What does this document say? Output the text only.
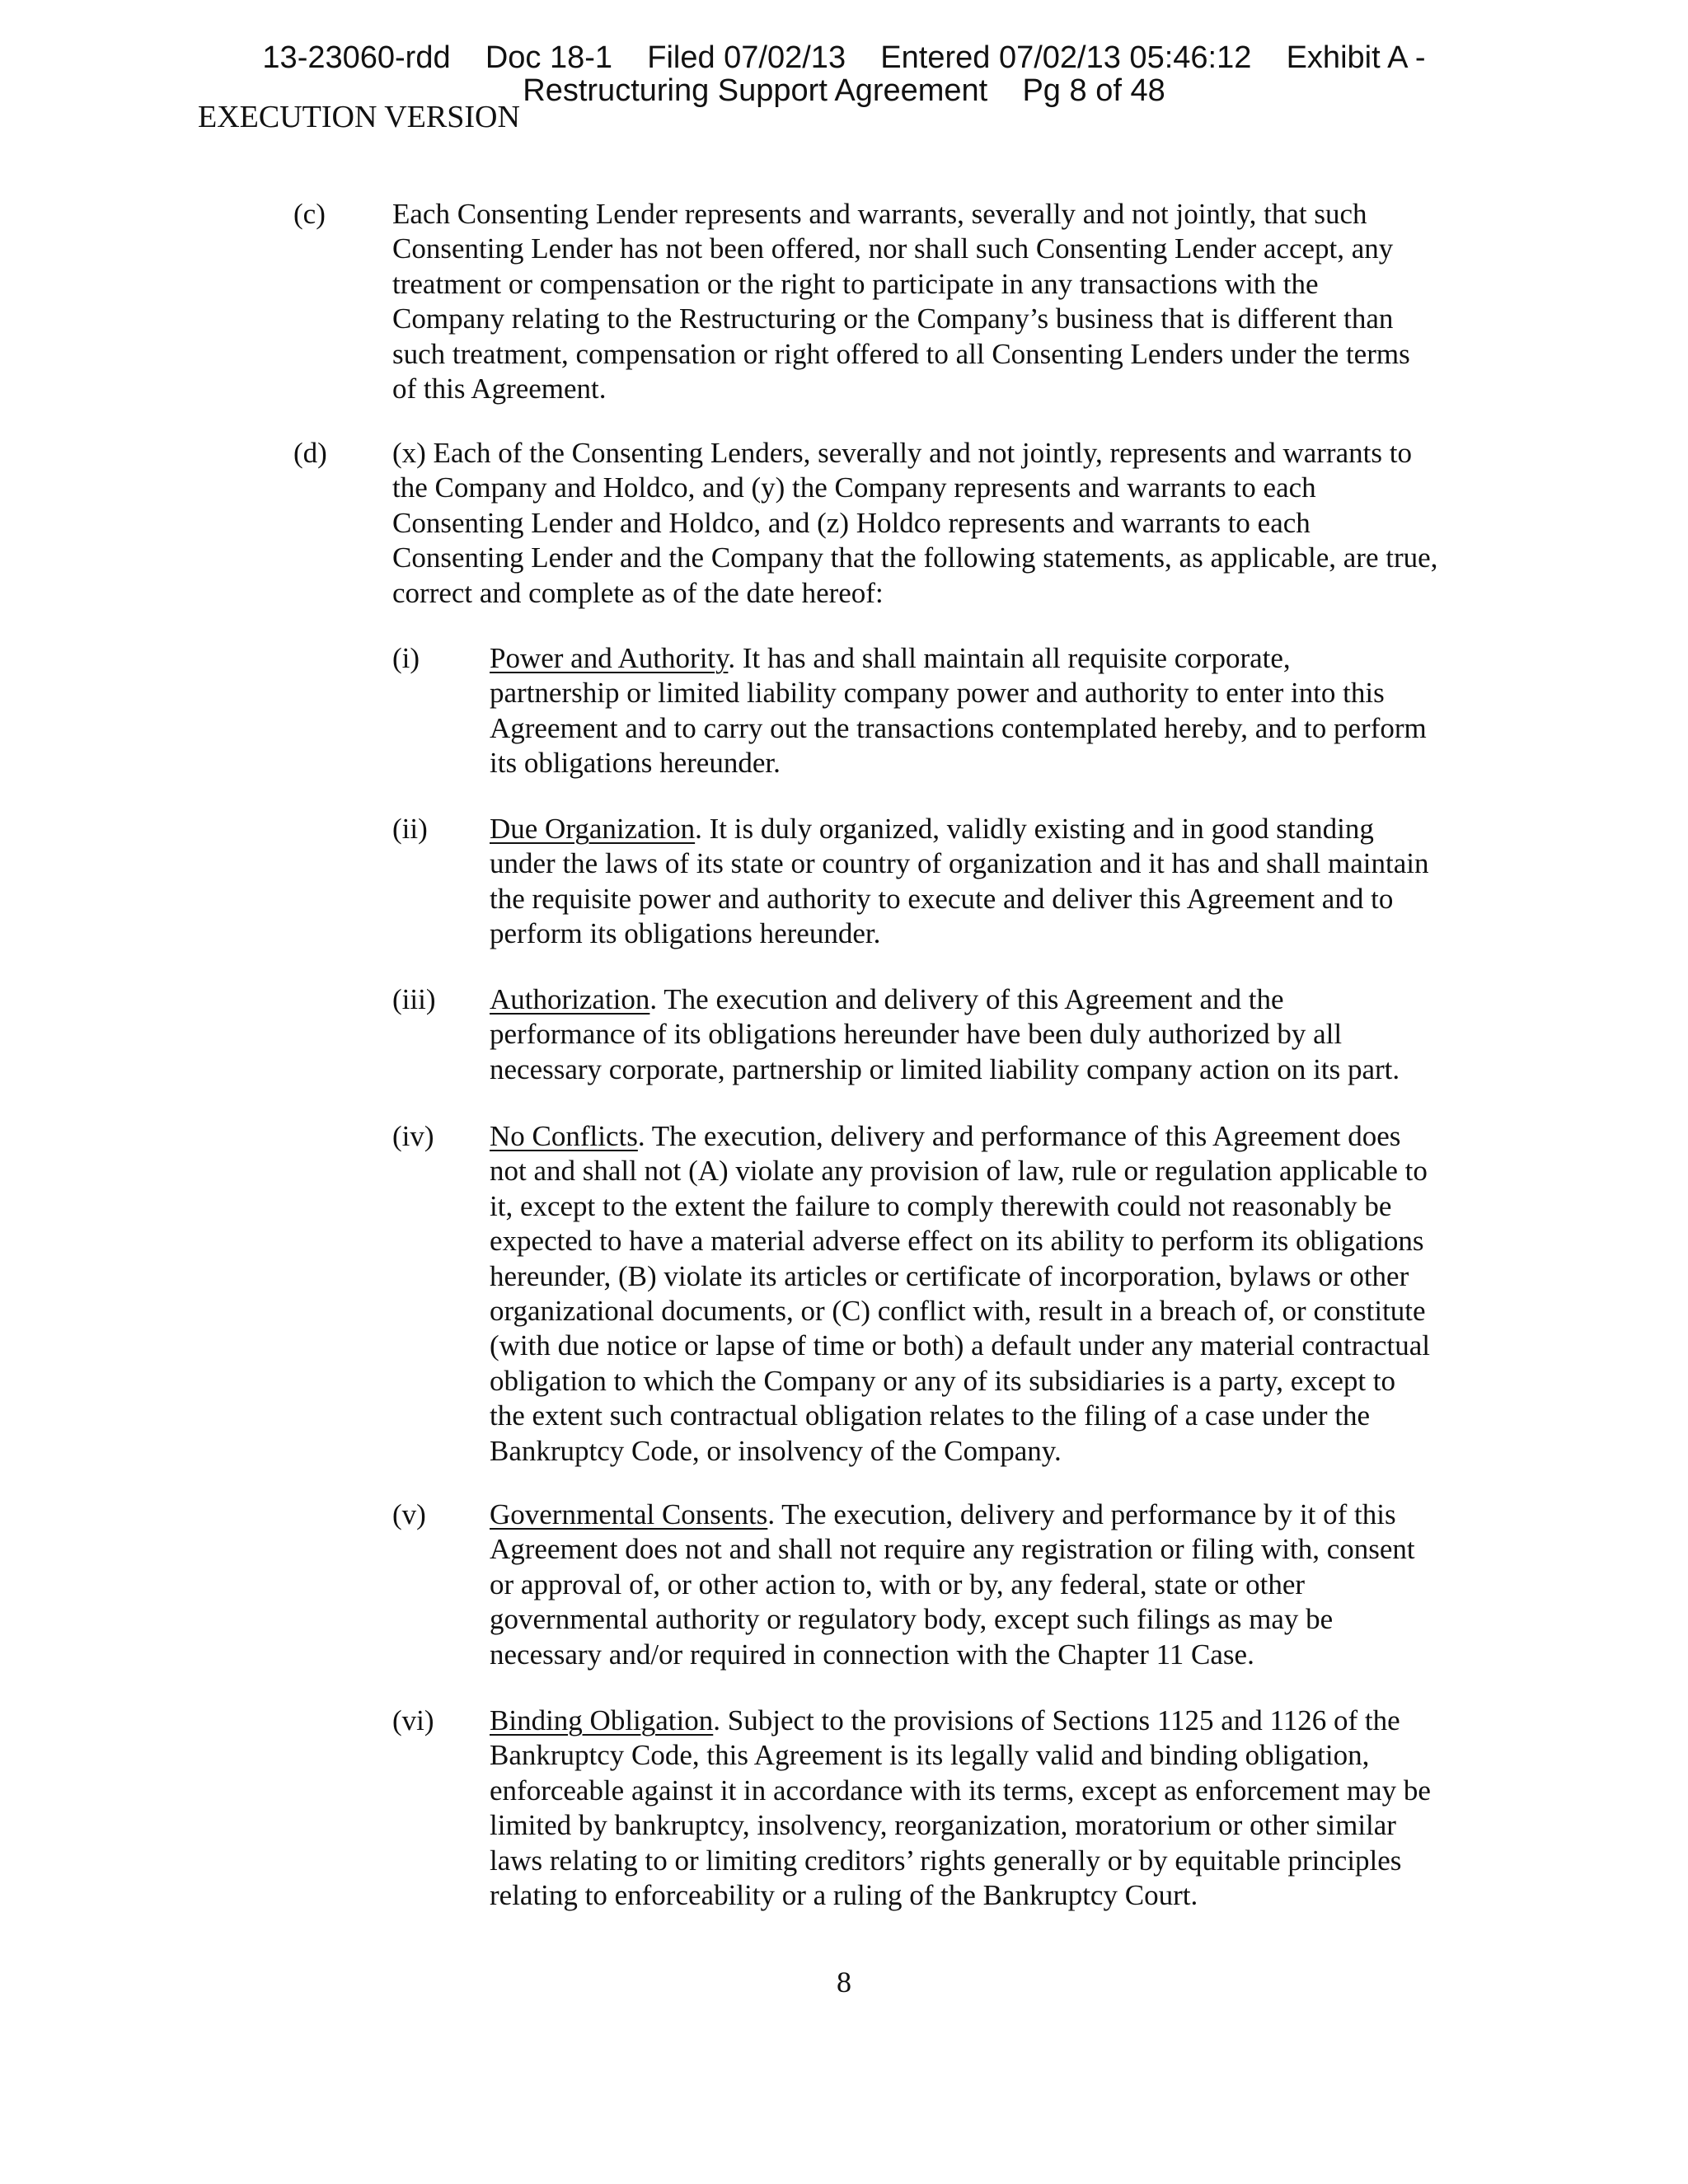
13-23060-rdd    Doc 18-1    Filed 07/02/13    Entered 07/02/13 05:46:12    Exhibit A -
Restructuring Support Agreement    Pg 8 of 48
EXECUTION VERSION
(c) Each Consenting Lender represents and warrants, severally and not jointly, that such
Consenting Lender has not been offered, nor shall such Consenting Lender accept, any
treatment or compensation or the right to participate in any transactions with the
Company relating to the Restructuring or the Company’s business that is different than
such treatment, compensation or right offered to all Consenting Lenders under the terms
of this Agreement.
(d) (x) Each of the Consenting Lenders, severally and not jointly, represents and warrants to
the Company and Holdco, and (y) the Company represents and warrants to each
Consenting Lender and Holdco, and (z) Holdco represents and warrants to each
Consenting Lender and the Company that the following statements, as applicable, are true,
correct and complete as of the date hereof:
(i) Power and Authority. It has and shall maintain all requisite corporate,
partnership or limited liability company power and authority to enter into this
Agreement and to carry out the transactions contemplated hereby, and to perform
its obligations hereunder.
(ii) Due Organization. It is duly organized, validly existing and in good standing
under the laws of its state or country of organization and it has and shall maintain
the requisite power and authority to execute and deliver this Agreement and to
perform its obligations hereunder.
(iii) Authorization. The execution and delivery of this Agreement and the
performance of its obligations hereunder have been duly authorized by all
necessary corporate, partnership or limited liability company action on its part.
(iv) No Conflicts. The execution, delivery and performance of this Agreement does
not and shall not (A) violate any provision of law, rule or regulation applicable to
it, except to the extent the failure to comply therewith could not reasonably be
expected to have a material adverse effect on its ability to perform its obligations
hereunder, (B) violate its articles or certificate of incorporation, bylaws or other
organizational documents, or (C) conflict with, result in a breach of, or constitute
(with due notice or lapse of time or both) a default under any material contractual
obligation to which the Company or any of its subsidiaries is a party, except to
the extent such contractual obligation relates to the filing of a case under the
Bankruptcy Code, or insolvency of the Company.
(v) Governmental Consents. The execution, delivery and performance by it of this
Agreement does not and shall not require any registration or filing with, consent
or approval of, or other action to, with or by, any federal, state or other
governmental authority or regulatory body, except such filings as may be
necessary and/or required in connection with the Chapter 11 Case.
(vi) Binding Obligation. Subject to the provisions of Sections 1125 and 1126 of the
Bankruptcy Code, this Agreement is its legally valid and binding obligation,
enforceable against it in accordance with its terms, except as enforcement may be
limited by bankruptcy, insolvency, reorganization, moratorium or other similar
laws relating to or limiting creditors’ rights generally or by equitable principles
relating to enforceability or a ruling of the Bankruptcy Court.
8
